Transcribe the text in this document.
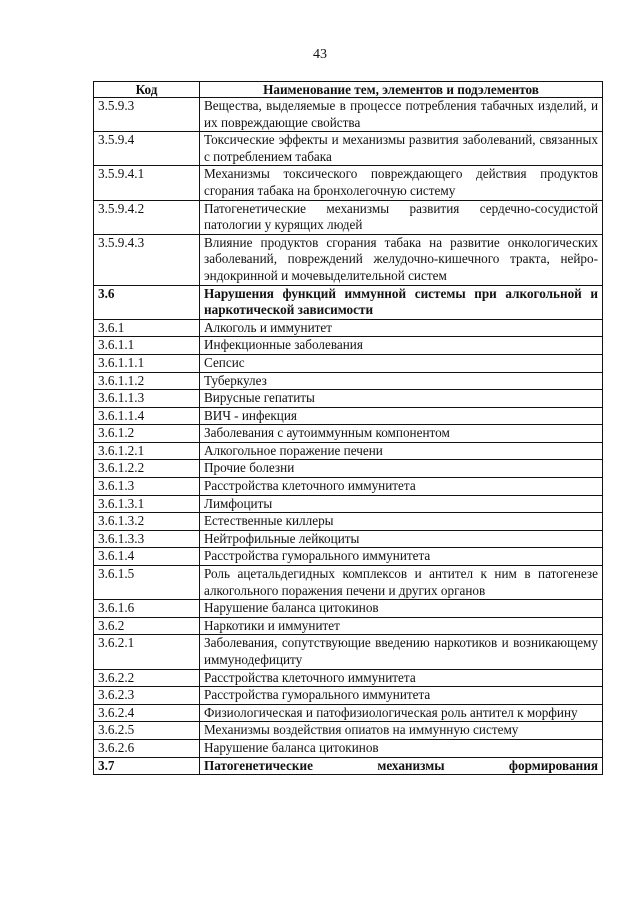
43
Код	Наименование тем, элементов и подэлементов
3.5.9.3	Вещества, выделяемые в процессе потребления табачных изделий, и их повреждающие свойства
3.5.9.4	Токсические эффекты и механизмы развития заболеваний, связанных с потреблением табака
3.5.9.4.1	Механизмы токсического повреждающего действия продуктов сгорания табака на бронхолегочную систему
3.5.9.4.2	Патогенетические механизмы развития сердечно-сосудистой патологии у курящих людей
3.5.9.4.3	Влияние продуктов сгорания табака на развитие онкологических заболеваний, повреждений желудочно-кишечного тракта, нейро-эндокринной и мочевыделительной систем
3.6	Нарушения функций иммунной системы при алкогольной и наркотической зависимости
3.6.1	Алкоголь и иммунитет
3.6.1.1	Инфекционные заболевания
3.6.1.1.1	Сепсис
3.6.1.1.2	Туберкулез
3.6.1.1.3	Вирусные гепатиты
3.6.1.1.4	ВИЧ - инфекция
3.6.1.2	Заболевания с аутоиммунным компонентом
3.6.1.2.1	Алкогольное поражение печени
3.6.1.2.2	Прочие болезни
3.6.1.3	Расстройства клеточного иммунитета
3.6.1.3.1	Лимфоциты
3.6.1.3.2	Естественные киллеры
3.6.1.3.3	Нейтрофильные лейкоциты
3.6.1.4	Расстройства гуморального иммунитета
3.6.1.5	Роль ацетальдегидных комплексов и антител к ним в патогенезе алкогольного поражения печени и других органов
3.6.1.6	Нарушение баланса цитокинов
3.6.2	Наркотики и иммунитет
3.6.2.1	Заболевания, сопутствующие введению наркотиков и возникающему иммунодефициту
3.6.2.2	Расстройства клеточного иммунитета
3.6.2.3	Расстройства гуморального иммунитета
3.6.2.4	Физиологическая и патофизиологическая роль антител к морфину
3.6.2.5	Механизмы воздействия опиатов на иммунную систему
3.6.2.6	Нарушение баланса цитокинов
3.7	Патогенетические механизмы формирования
